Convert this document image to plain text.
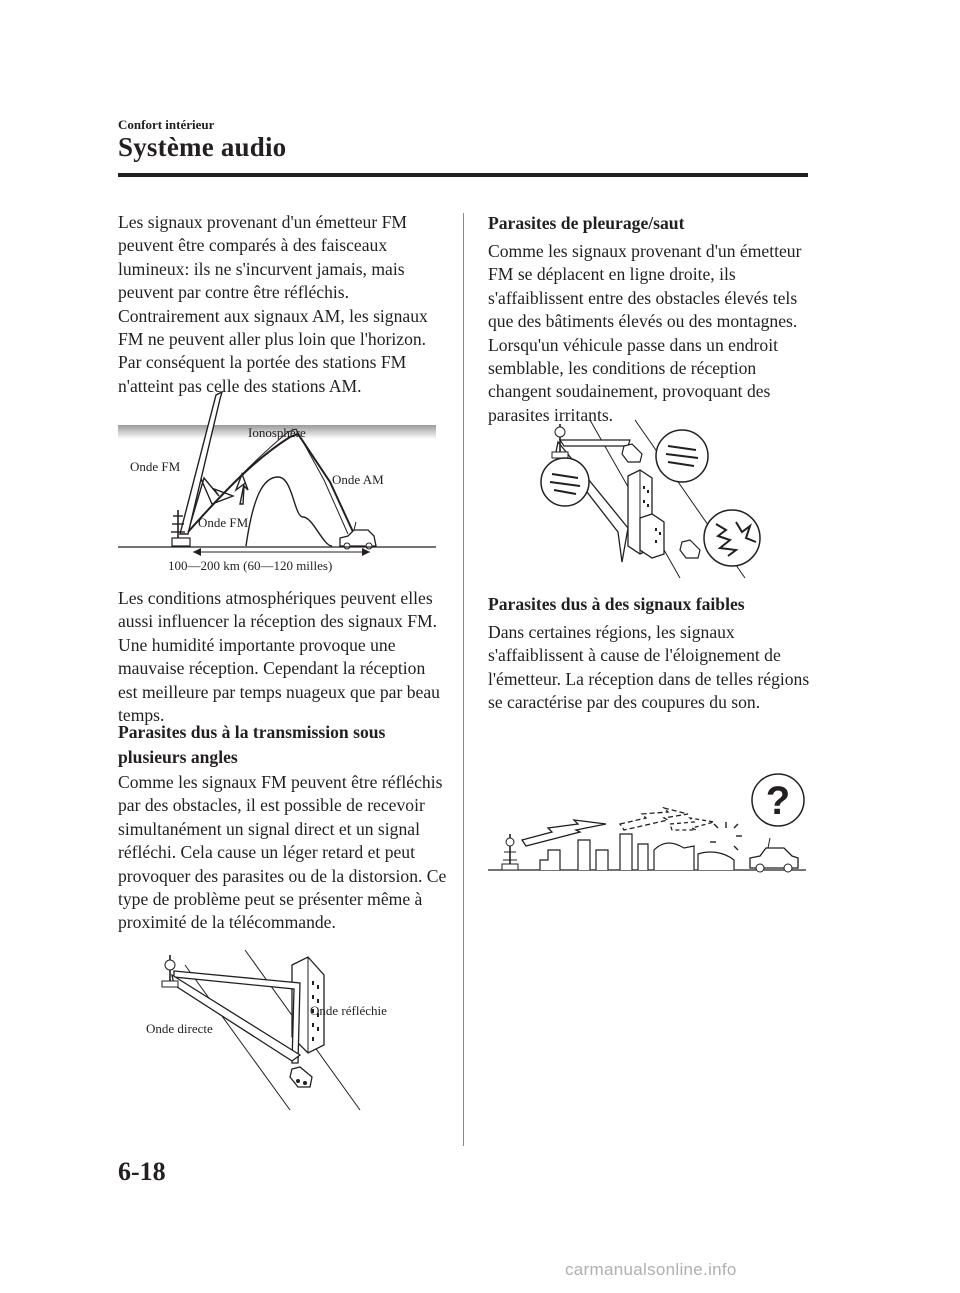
Confort intérieur
Système audio

Les signaux provenant d'un émetteur FM peuvent être comparés à des faisceaux lumineux: ils ne s'incurvent jamais, mais peuvent par contre être réfléchis. Contrairement aux signaux AM, les signaux FM ne peuvent aller plus loin que l'horizon. Par conséquent la portée des stations FM n'atteint pas celle des stations AM.

Ionosphère
Onde FM
Onde AM
Onde FM
100—200 km (60—120 milles)

Les conditions atmosphériques peuvent elles aussi influencer la réception des signaux FM. Une humidité importante provoque une mauvaise réception. Cependant la réception est meilleure par temps nuageux que par beau temps.

Parasites dus à la transmission sous plusieurs angles

Comme les signaux FM peuvent être réfléchis par des obstacles, il est possible de recevoir simultanément un signal direct et un signal réfléchi. Cela cause un léger retard et peut provoquer des parasites ou de la distorsion. Ce type de problème peut se présenter même à proximité de la télécommande.

Onde réfléchie
Onde directe

Parasites de pleurage/saut

Comme les signaux provenant d'un émetteur FM se déplacent en ligne droite, ils s'affaiblissent entre des obstacles élevés tels que des bâtiments élevés ou des montagnes. Lorsqu'un véhicule passe dans un endroit semblable, les conditions de réception changent soudainement, provoquant des parasites irritants.

Parasites dus à des signaux faibles

Dans certaines régions, les signaux s'affaiblissent à cause de l'éloignement de l'émetteur. La réception dans de telles régions se caractérise par des coupures du son.

?
6-18
carmanualsonline.info
